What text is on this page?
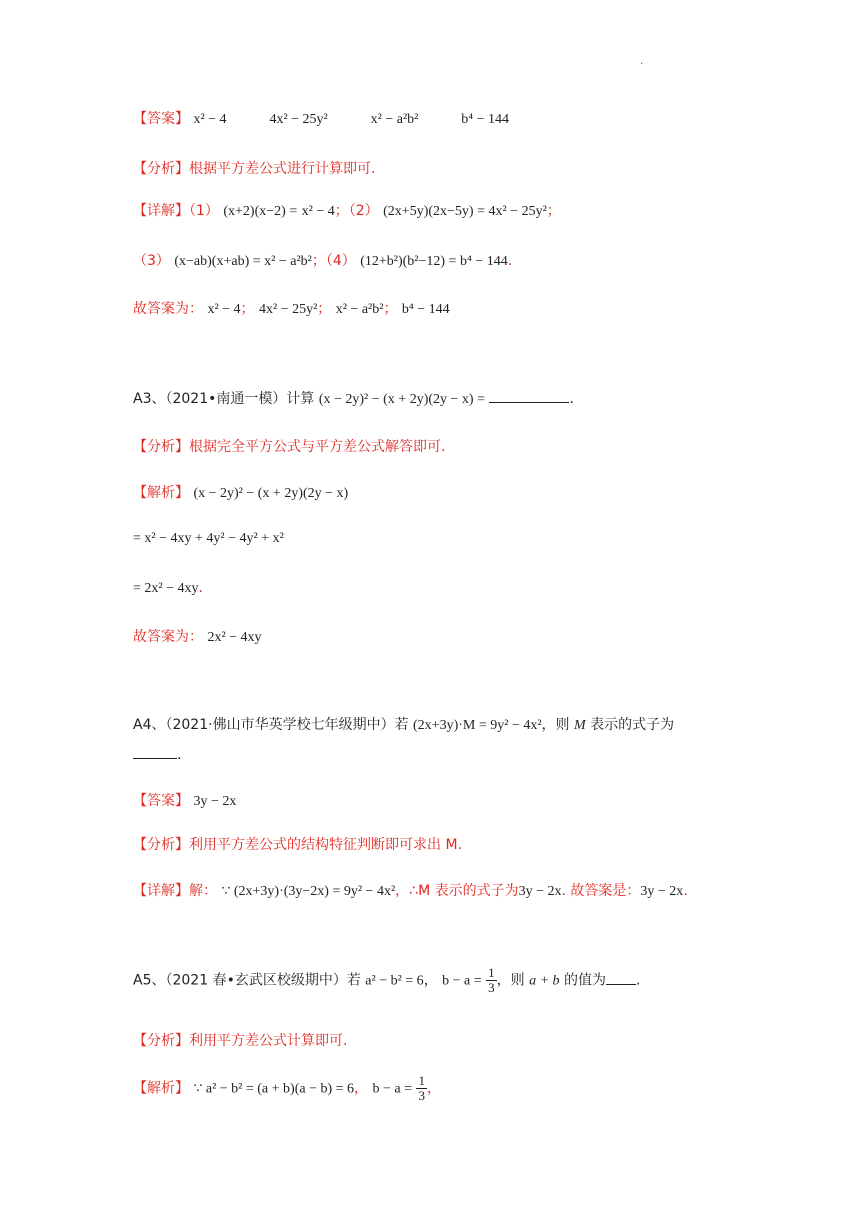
.
【答案】 x² − 4	4x² − 25y²	x² − a²b²	b⁴ − 144
【分析】根据平方差公式进行计算即可.
【详解】（1） (x+2)(x−2) = x² − 4；（2） (2x+5y)(2x−5y) = 4x² − 25y²；
（3） (x−ab)(x+ab) = x² − a²b²；（4） (12+b²)(b²−12) = b⁴ − 144.
故答案为： x² − 4； 4x² − 25y²； x² − a²b²； b⁴ − 144
A3、（2021•南通一模）计算 (x − 2y)² − (x + 2y)(2y − x) =	.
【分析】根据完全平方公式与平方差公式解答即可.
【解析】 (x − 2y)² − (x + 2y)(2y − x)
= x² − 4xy + 4y² − 4y² + x²
= 2x² − 4xy.
故答案为： 2x² − 4xy
A4、（2021·佛山市华英学校七年级期中）若 (2x+3y)·M = 9y² − 4x²，则 M 表示的式子为
.
【答案】 3y − 2x
【分析】利用平方差公式的结构特征判断即可求出 M.
【详解】解： ∵ (2x+3y)·(3y−2x) = 9y² − 4x²，∴M 表示的式子为3y − 2x. 故答案是：3y − 2x.
A5、（2021 春•玄武区校级期中）若 a² − b² = 6， $b - a = \frac{1}{3}$ ，则 a + b 的值为 .
【分析】利用平方差公式计算即可.
【解析】 ∵ a² − b² = (a + b)(a − b) = 6， $b - a = \frac{1}{3}$ ，
